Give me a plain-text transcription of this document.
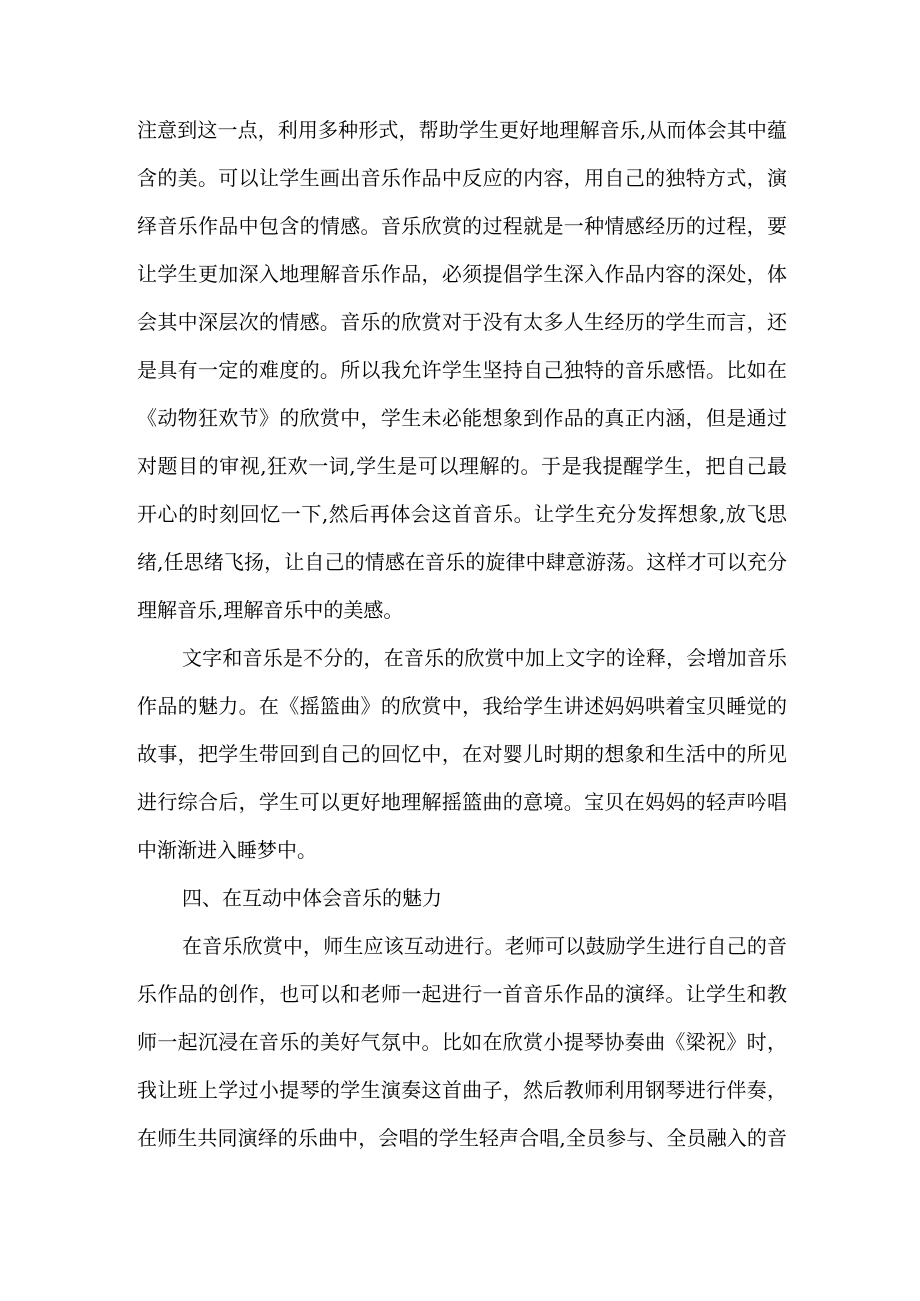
注意到这一点，利用多种形式，帮助学生更好地理解音乐,从而体会其中蕴
含的美。可以让学生画出音乐作品中反应的内容，用自己的独特方式，演
绎音乐作品中包含的情感。音乐欣赏的过程就是一种情感经历的过程，要
让学生更加深入地理解音乐作品，必须提倡学生深入作品内容的深处，体
会其中深层次的情感。音乐的欣赏对于没有太多人生经历的学生而言，还
是具有一定的难度的。所以我允许学生坚持自己独特的音乐感悟。比如在
《动物狂欢节》的欣赏中，学生未必能想象到作品的真正内涵，但是通过
对题目的审视,狂欢一词,学生是可以理解的。于是我提醒学生，把自己最
开心的时刻回忆一下,然后再体会这首音乐。让学生充分发挥想象,放飞思
绪,任思绪飞扬，让自己的情感在音乐的旋律中肆意游荡。这样才可以充分
理解音乐,理解音乐中的美感。
文字和音乐是不分的，在音乐的欣赏中加上文字的诠释，会增加音乐
作品的魅力。在《摇篮曲》的欣赏中，我给学生讲述妈妈哄着宝贝睡觉的
故事，把学生带回到自己的回忆中，在对婴儿时期的想象和生活中的所见
进行综合后，学生可以更好地理解摇篮曲的意境。宝贝在妈妈的轻声吟唱
中渐渐进入睡梦中。
四、在互动中体会音乐的魅力
在音乐欣赏中，师生应该互动进行。老师可以鼓励学生进行自己的音
乐作品的创作，也可以和老师一起进行一首音乐作品的演绎。让学生和教
师一起沉浸在音乐的美好气氛中。比如在欣赏小提琴协奏曲《梁祝》时，
我让班上学过小提琴的学生演奏这首曲子，然后教师利用钢琴进行伴奏，
在师生共同演绎的乐曲中，会唱的学生轻声合唱,全员参与、全员融入的音
